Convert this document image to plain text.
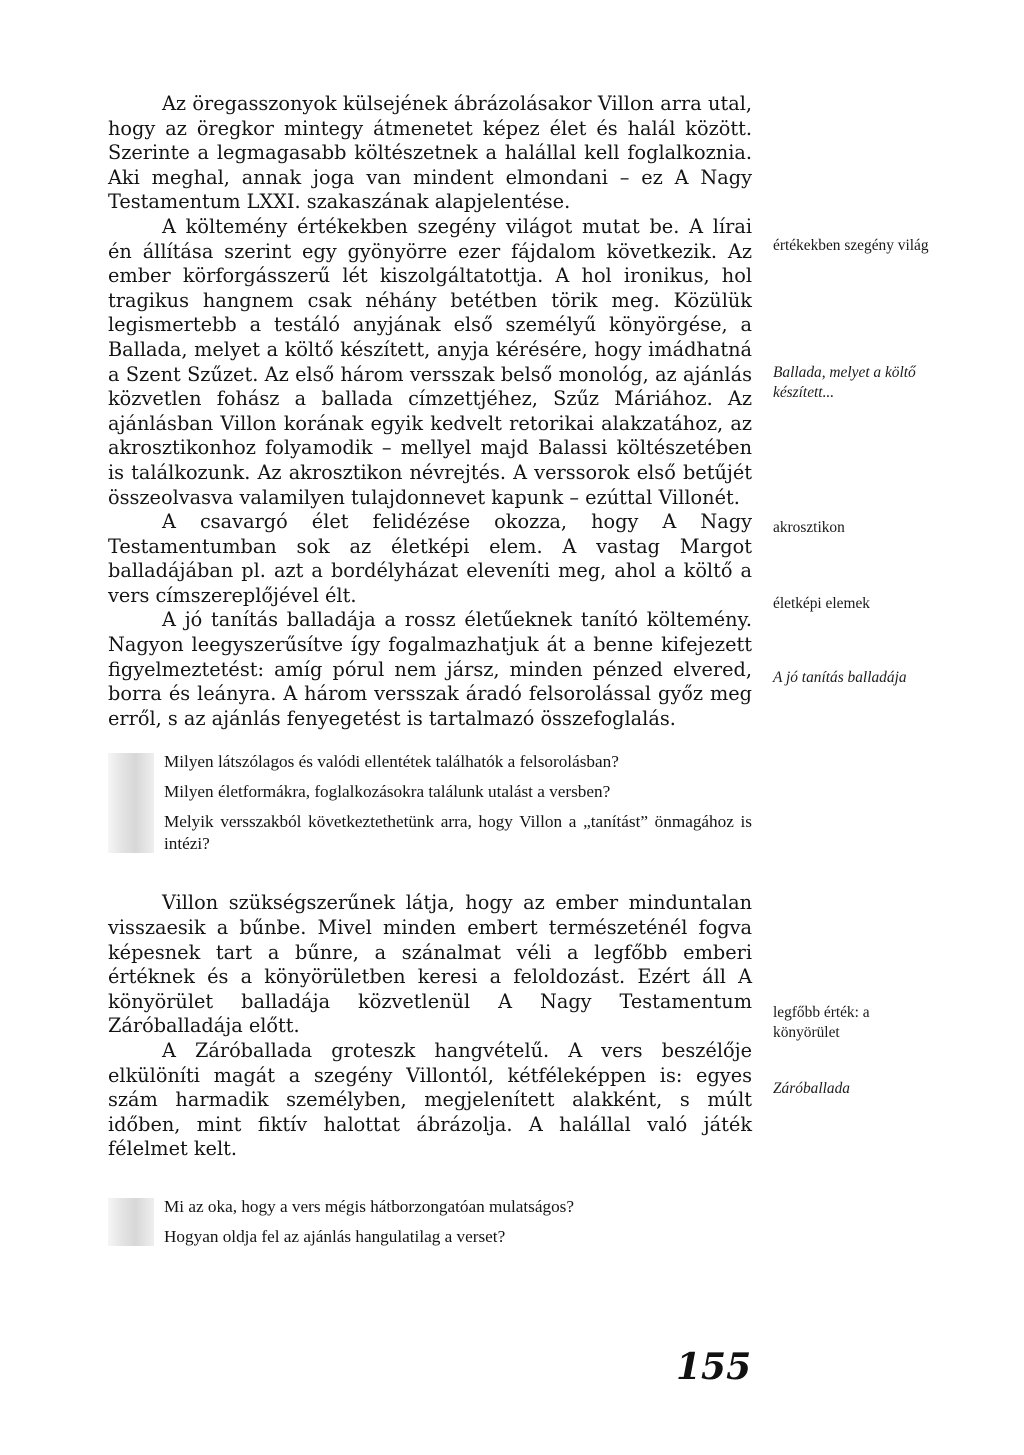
Az öregasszonyok külsejének ábrázolásakor Villon arra utal, hogy az öregkor mintegy átmenetet képez élet és halál között. Szerinte a legmagasabb költészetnek a halállal kell foglalkoznia. Aki meghal, annak joga van mindent elmondani – ez A Nagy Testamentum LXXI. szakaszának alapjelentése.

A költemény értékekben szegény világot mutat be. A lírai én állítása szerint egy gyönyörre ezer fájdalom következik. Az ember körforgásszerű lét kiszolgáltatottja. A hol ironikus, hol tragikus hangnem csak néhány betétben törik meg. Közülük legismertebb a testáló anyjának első személyű könyörgése, a Ballada, melyet a költő készített, anyja kérésére, hogy imádhatná a Szent Szűzet. Az első három versszak belső monológ, az ajánlás közvetlen fohász a ballada címzettjéhez, Szűz Máriához. Az ajánlásban Villon korának egyik kedvelt retorikai alakzatához, az akrosztikonhoz folyamodik – mellyel majd Balassi költészetében is találkozunk. Az akrosztikon névrejtés. A verssorok első betűjét összeolvasva valamilyen tulajdonnevet kapunk – ezúttal Villonét.

A csavargó élet felidézése okozza, hogy A Nagy Testamentumban sok az életképi elem. A vastag Margot balladájában pl. azt a bordélyházat eleveníti meg, ahol a költő a vers címszereplőjével élt.

A jó tanítás balladája a rossz életűeknek tanító költemény. Nagyon leegyszerűsítve így fogalmazhatjuk át a benne kifejezett figyelmeztetést: amíg pórul nem jársz, minden pénzed elvered, borra és leányra. A három versszak áradó felsorolással győz meg erről, s az ajánlás fenyegetést is tartalmazó összefoglalás.

Milyen látszólagos és valódi ellentétek találhatók a felsorolásban?

Milyen életformákra, foglalkozásokra találunk utalást a versben?

Melyik versszakból következtethetünk arra, hogy Villon a „tanítást” önmagához is intézi?

Villon szükségszerűnek látja, hogy az ember minduntalan visszaesik a bűnbe. Mivel minden embert természeténél fogva képesnek tart a bűnre, a szánalmat véli a legfőbb emberi értéknek és a könyörületben keresi a feloldozást. Ezért áll A könyörület balladája közvetlenül A Nagy Testamentum Záróballadája előtt.

A Záróballada groteszk hangvételű. A vers beszélője elkülöníti magát a szegény Villontól, kétféleképpen is: egyes szám harmadik személyben, megjelenített alakként, s múlt időben, mint fiktív halottat ábrázolja. A halállal való játék félelmet kelt.

Mi az oka, hogy a vers mégis hátborzongatóan mulatságos?

Hogyan oldja fel az ajánlás hangulatilag a verset?

értékekben szegény világ
Ballada, melyet a költő készített...
akrosztikon
életképi elemek
A jó tanítás balladája
legfőbb érték: a könyörület
Záróballada
155
